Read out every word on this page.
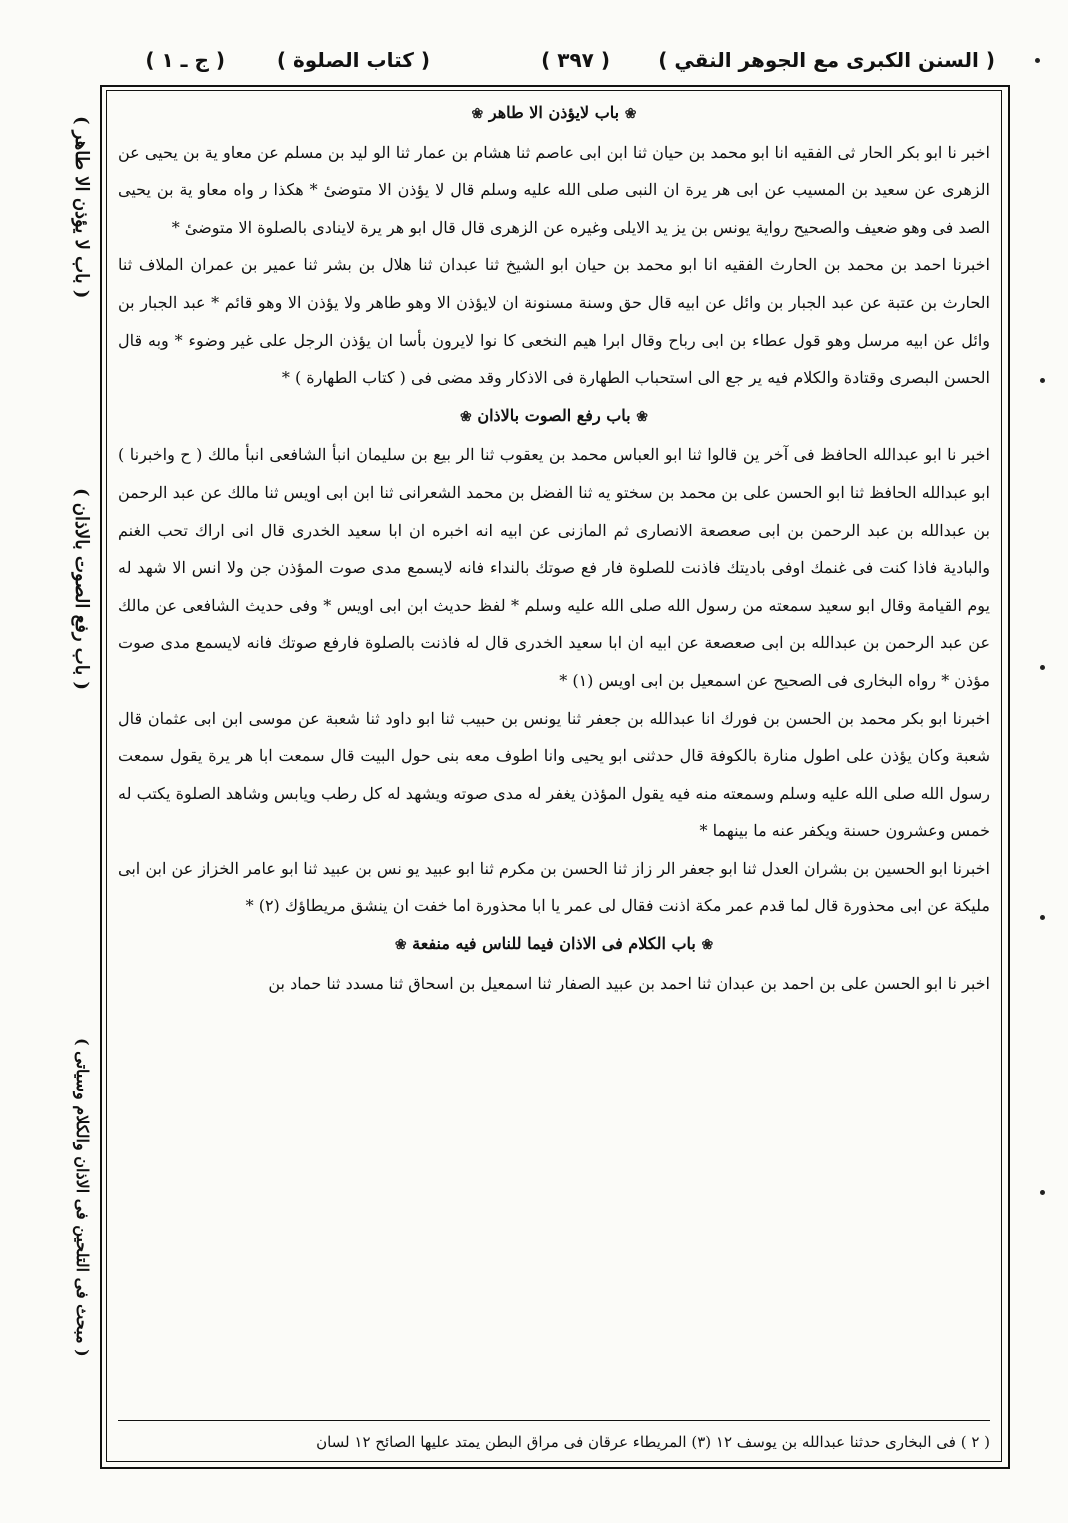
( السنن الكبرى مع الجوهر النقي )
( ٣٩٧ )
( كتاب الصلوة )
( ج ـ ١ )
( باب لا یؤذن الا طاهر )
( باب رفع الصوت بالاذان )
( مبحث فی التلحین فی الاذان والکلام وسیاتی )

❀ باب لايؤذن الا طاهر ❀

اخبر نا ابو بكر الحار ثی الفقیه انا ابو محمد بن حیان ثنا ابن ابی عاصم ثنا هشام بن عمار ثنا الو لید بن مسلم عن معاو یة بن یحیی عن الزهری عن سعید بن المسیب عن ابی هر یرة ان النبی صلی الله علیه وسلم قال لا یؤذن الا متوضیٔ * هکذا ر واه معاو یة بن یحیی الصد فی وهو ضعیف والصحیح روایة یونس بن یز ید الایلی وغیره عن الزهری قال قال ابو هر یرة لاینادی بالصلوة الا متوضیٔ *

اخبرنا احمد بن محمد بن الحارث الفقیه انا ابو محمد بن حیان ابو الشیخ ثنا عبدان ثنا هلال بن بشر ثنا عمیر بن عمران الملاف ثنا الحارث بن عتبة عن عبد الجبار بن وائل عن ابیه قال حق وسنة مسنونة ان لایؤذن الا وهو طاهر ولا یؤذن الا وهو قائم * عبد الجبار بن وائل عن ابیه مرسل وهو قول عطاء بن ابی رباح وقال ابرا هیم النخعی کا نوا لایرون بأسا ان یؤذن الرجل علی غیر وضوء * وبه قال الحسن البصری وقتادة والکلام فیه یر جع الی استحباب الطهارة فی الاذکار وقد مضی فی ( کتاب الطهارة ) *

❀ باب رفع الصوت بالاذان ❀

اخبر نا ابو عبدالله الحافظ فی آخر ین قالوا ثنا ابو العباس محمد بن یعقوب ثنا الر بیع بن سلیمان انبأ الشافعی انبأ مالك ( ح واخبرنا ) ابو عبدالله الحافظ ثنا ابو الحسن علی بن محمد بن سختو یه ثنا الفضل بن محمد الشعرانی ثنا ابن ابی اویس ثنا مالك عن عبد الرحمن بن عبدالله بن عبد الرحمن بن ابی صعصعة الانصاری ثم المازنی عن ابیه انه اخبره ان ابا سعید الخدری قال انی اراك تحب الغنم والبادیة فاذا کنت فی غنمك اوفی بادیتك فاذنت للصلوة فار فع صوتك بالنداء فانه لایسمع مدی صوت المؤذن جن ولا انس الا شهد له یوم القیامة وقال ابو سعید سمعته من رسول الله صلی الله علیه وسلم * لفظ حدیث ابن ابی اویس * وفی حدیث الشافعی عن مالك عن عبد الرحمن بن عبدالله بن ابی صعصعة عن ابیه ان ابا سعید الخدری قال له فاذنت بالصلوة فارفع صوتك فانه لایسمع مدی صوت مؤذن * رواه البخاری فی الصحیح عن اسمعیل بن ابی اویس (١) *

اخبرنا ابو بکر محمد بن الحسن بن فورك انا عبدالله بن جعفر ثنا یونس بن حبیب ثنا ابو داود ثنا شعبة عن موسی ابن ابی عثمان قال شعبة وکان یؤذن علی اطول منارة بالکوفة قال حدثنی ابو یحیی وانا اطوف معه بنی حول البیت قال سمعت ابا هر یرة یقول سمعت رسول الله صلی الله علیه وسلم وسمعته منه فیه یقول المؤذن یغفر له مدی صوته ویشهد له کل رطب ویابس وشاهد الصلوة یکتب له خمس وعشرون حسنة ویکفر عنه ما بینهما *

اخبرنا ابو الحسین بن بشران العدل ثنا ابو جعفر الر زاز ثنا الحسن بن مکرم ثنا ابو عبید یو نس بن عبید ثنا ابو عامر الخزاز عن ابن ابی ملیکة عن ابی محذورة قال لما قدم عمر مکة اذنت فقال لی عمر یا ابا محذورة اما خفت ان ینشق مریطاؤك (٢) *

❀ باب الکلام فی الاذان فیما للناس فیه منفعة ❀

اخبر نا ابو الحسن علی بن احمد بن عبدان ثنا احمد بن عبید الصفار ثنا اسمعیل بن اسحاق ثنا مسدد ثنا حماد بن

( ٢ ) فی البخاری حدثنا عبدالله بن یوسف ١٢ (٣) المریطاء عرقان فی مراق البطن یمتد علیها الصائح ١٢ لسان
